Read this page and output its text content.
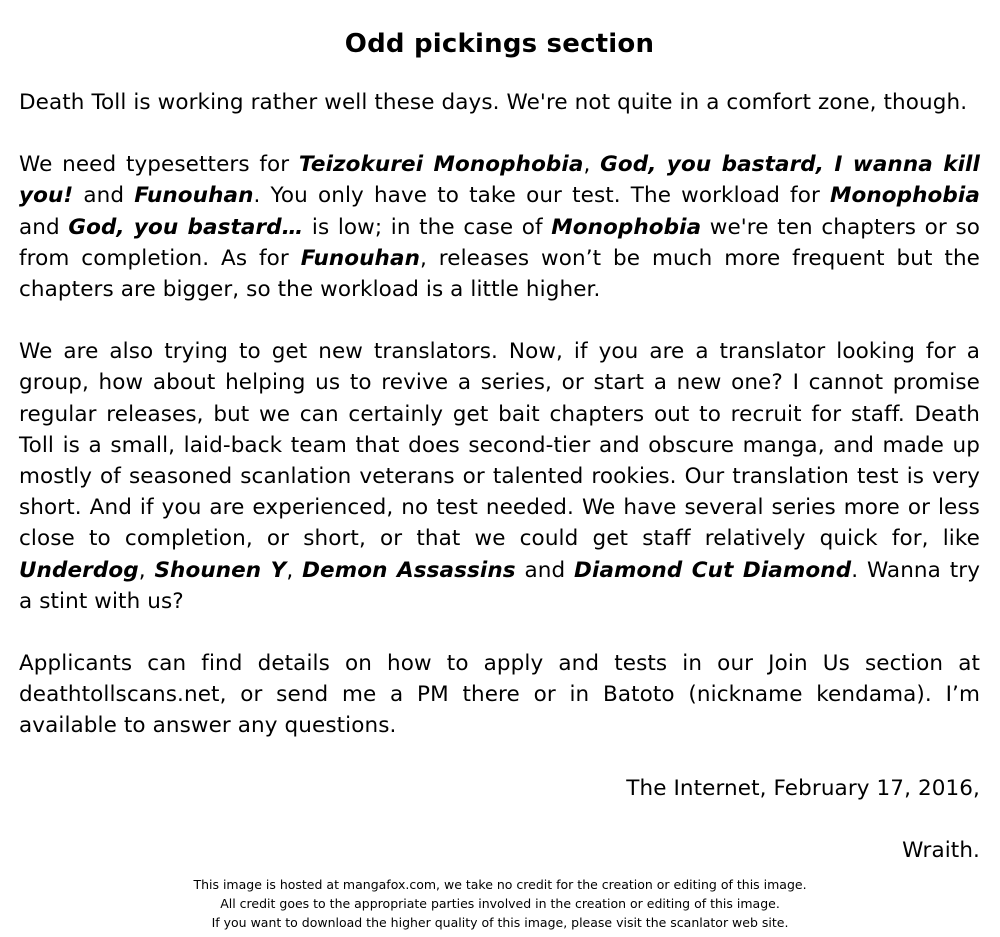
Odd pickings section

Death Toll is working rather well these days. We're not quite in a comfort zone, though.

We need typesetters for Teizokurei Monophobia, God, you bastard, I wanna kill you! and Funouhan. You only have to take our test. The workload for Monophobia and God, you bastard… is low; in the case of Monophobia we're ten chapters or so from completion. As for Funouhan, releases won’t be much more frequent but the chapters are bigger, so the workload is a little higher.

We are also trying to get new translators. Now, if you are a translator looking for a group, how about helping us to revive a series, or start a new one? I cannot promise regular releases, but we can certainly get bait chapters out to recruit for staff. Death Toll is a small, laid-back team that does second-tier and obscure manga, and made up mostly of seasoned scanlation veterans or talented rookies. Our translation test is very short. And if you are experienced, no test needed. We have several series more or less close to completion, or short, or that we could get staff relatively quick for, like Underdog, Shounen Y, Demon Assassins and Diamond Cut Diamond. Wanna try a stint with us?

Applicants can find details on how to apply and tests in our Join Us section at deathtollscans.net, or send me a PM there or in Batoto (nickname kendama). I’m available to answer any questions.

The Internet, February 17, 2016,

Wraith.

This image is hosted at mangafox.com, we take no credit for the creation or editing of this image.
All credit goes to the appropriate parties involved in the creation or editing of this image.
If you want to download the higher quality of this image, please visit the scanlator web site.
